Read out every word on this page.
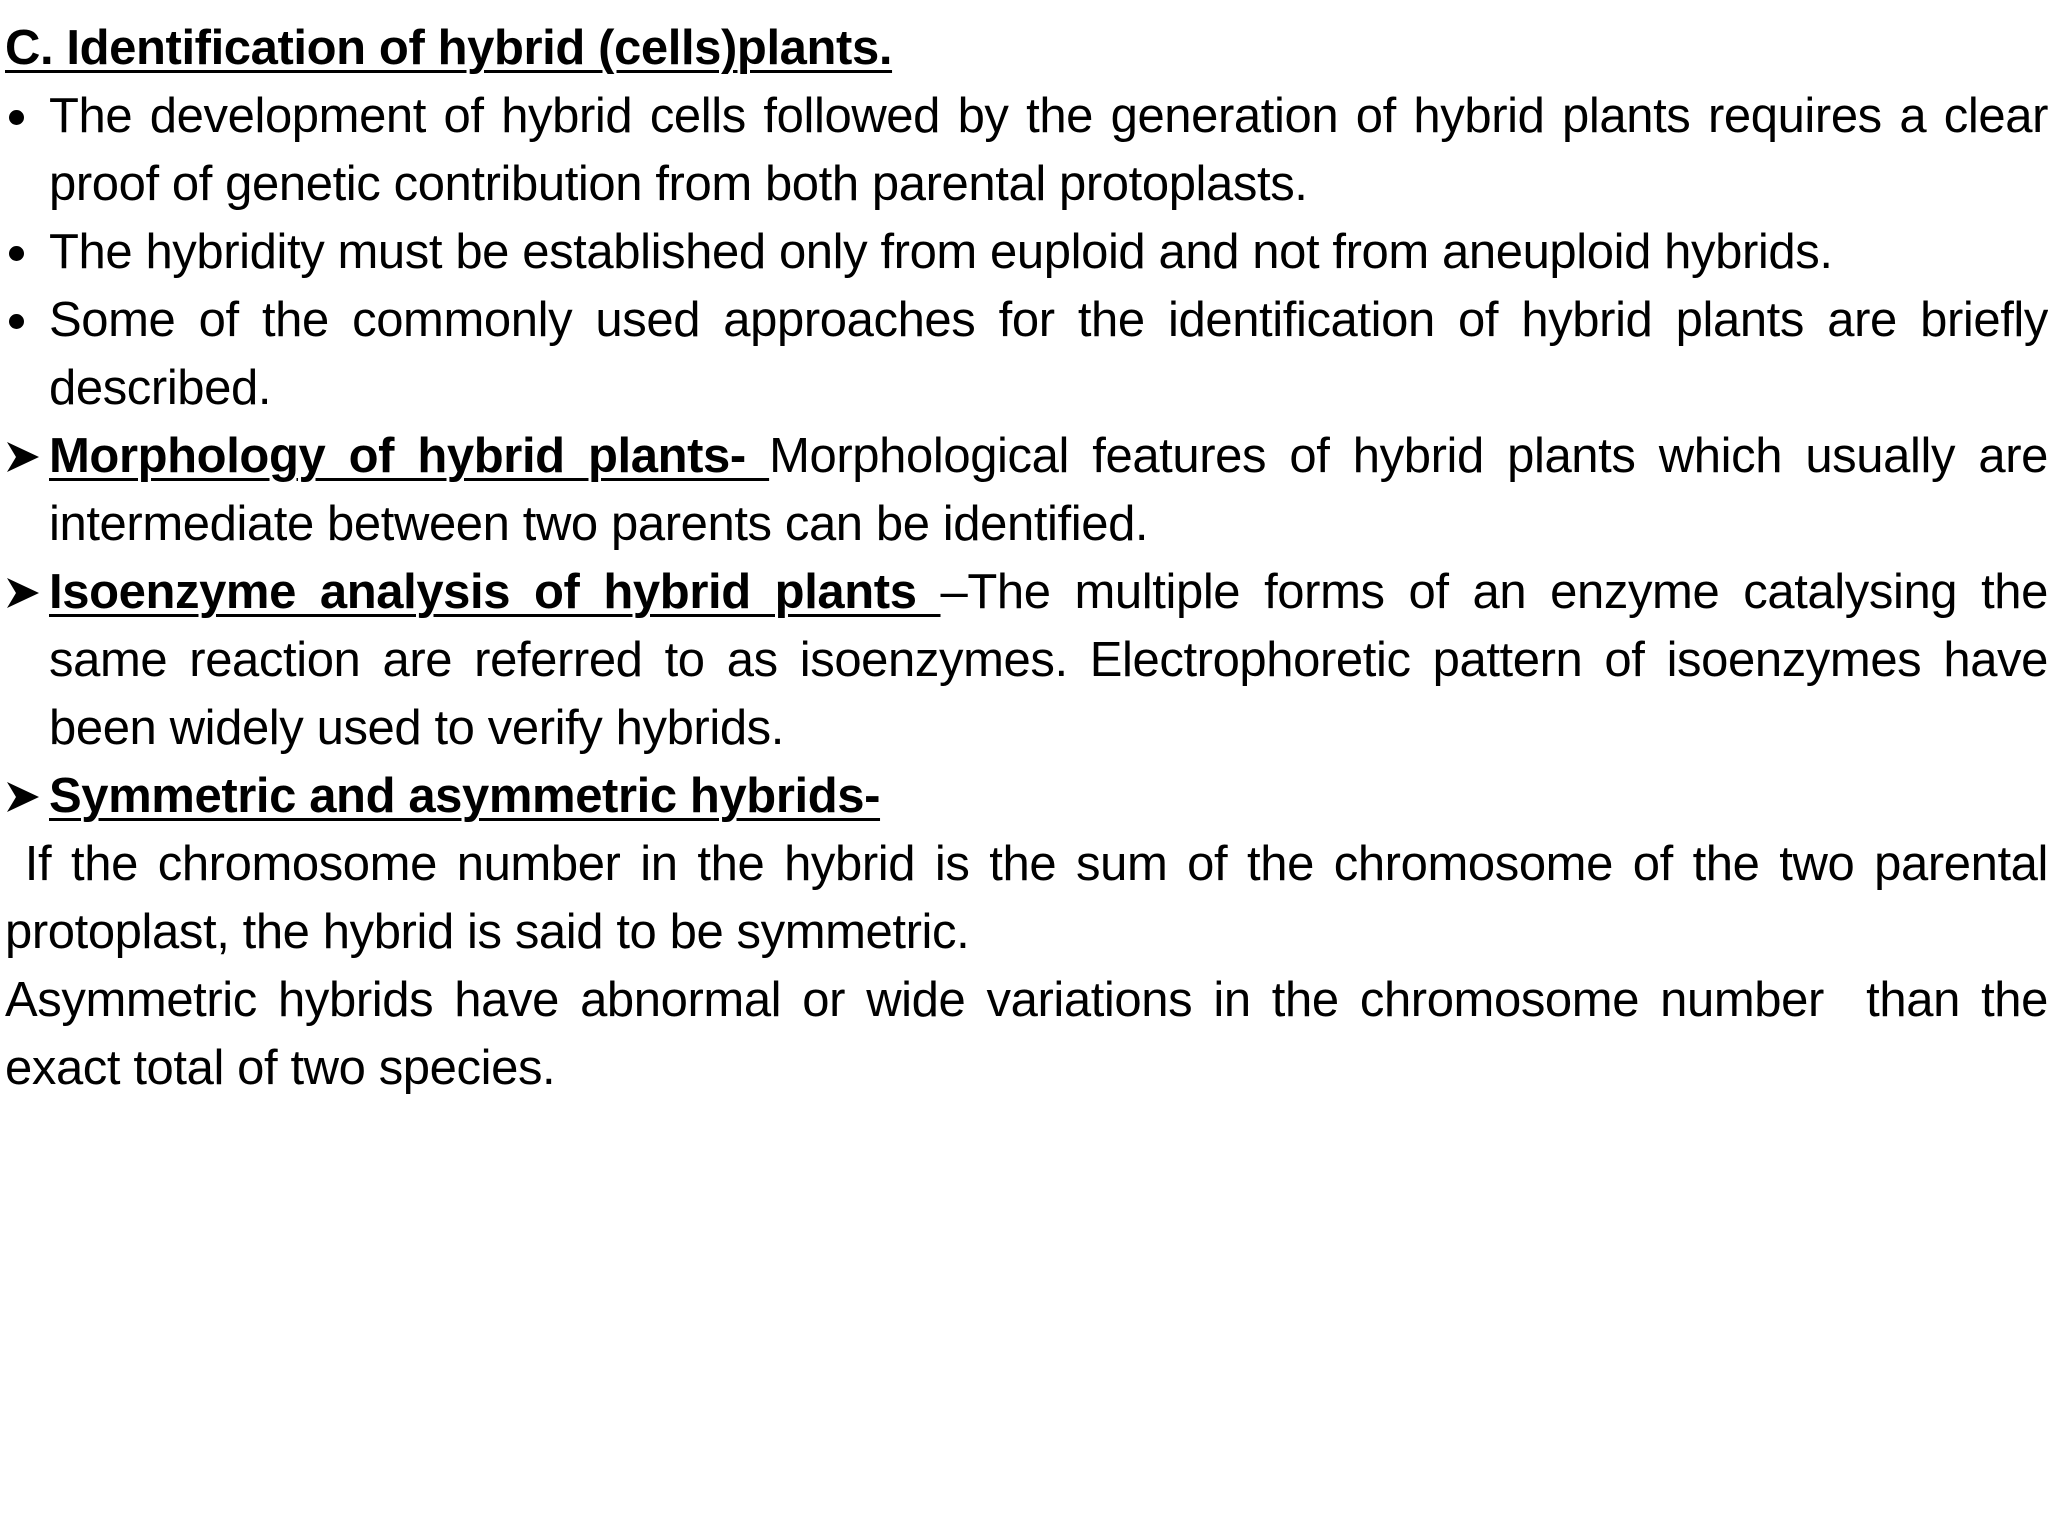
C. Identification of hybrid (cells)plants.

The development of hybrid cells followed by the generation of hybrid plants requires a clear proof of genetic contribution from both parental protoplasts.

The hybridity must be established only from euploid and not from aneuploid hybrids.

Some of the commonly used approaches for the identification of hybrid plants are briefly described.

Morphology of hybrid plants- Morphological features of hybrid plants which usually are intermediate between two parents can be identified.

Isoenzyme analysis of hybrid plants –The multiple forms of an enzyme catalysing the same reaction are referred to as isoenzymes. Electrophoretic pattern of isoenzymes have been widely used to verify hybrids.

Symmetric and asymmetric hybrids-

If the chromosome number in the hybrid is the sum of the chromosome of the two parental protoplast, the hybrid is said to be symmetric.

Asymmetric hybrids have abnormal or wide variations in the chromosome number  than the exact total of two species.
